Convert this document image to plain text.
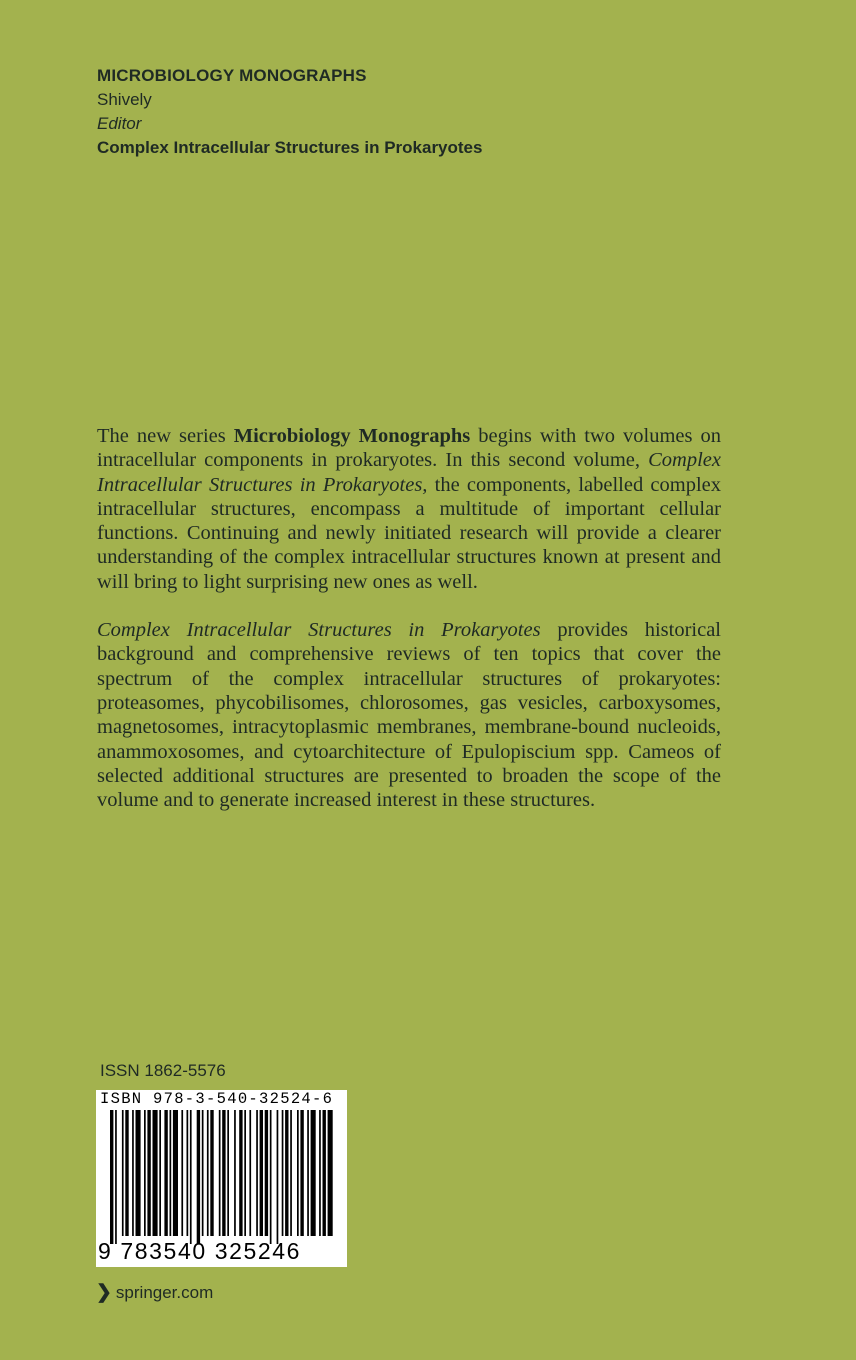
MICROBIOLOGY MONOGRAPHS
Shively
Editor
Complex Intracellular Structures in Prokaryotes

The new series Microbiology Monographs begins with two volumes on intracellular components in prokaryotes. In this second volume, Complex Intracellular Structures in Prokaryotes, the components, labelled complex intracellular structures, encompass a multitude of important cellular functions. Continuing and newly initiated research will provide a clearer understanding of the complex intracellular structures known at present and will bring to light surprising new ones as well.

Complex Intracellular Structures in Prokaryotes provides historical background and comprehensive reviews of ten topics that cover the spectrum of the complex intracellular structures of prokaryotes: proteasomes, phycobilisomes, chlorosomes, gas vesicles, carboxysomes, magnetosomes, intracytoplasmic membranes, membrane-bound nucleoids, anammoxosomes, and cytoarchitecture of Epulopiscium spp. Cameos of selected additional structures are presented to broaden the scope of the volume and to generate increased interest in these structures.

ISSN 1862-5576
ISBN 978-3-540-32524-6
9 783540 325246
❯ springer.com
